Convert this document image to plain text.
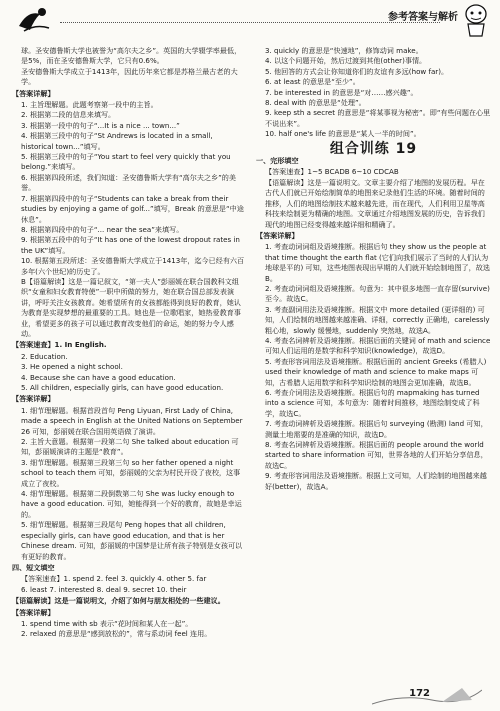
参考答案与解析

球。圣安德鲁斯大学也被誉为“高尔夫之乡”。英国的大学辍学率最低，是5%，而在圣安德鲁斯大学，它只有0.6%。

圣安德鲁斯大学成立于1413年，因此历年来它都是苏格兰最古老的大学。

【答案详解】

1. 主旨理解题。此题考察第一段中的主旨。

2. 根据第二段的信息来填写。

3. 根据第一段中的句子“...It is a nice ... town...”

4. 根据第三段中的句子“St Andrews is located in a small, historical town...”填写。

5. 根据第三段中的句子“You start to feel very quickly that you belong.”来填写。

6. 根据第四段所述，我们知道：圣安德鲁斯大学有“高尔夫之乡”的美誉。

7. 根据第四段中的句子“Students can take a break from their studies by enjoying a game of golf...”填写，Break 的意思是“中途休息”。

8. 根据第四段中的句子“... near the sea”来填写。

9. 根据第五段中的句子“It has one of the lowest dropout rates in the UK”填写。

10. 根据第五段所述：圣安德鲁斯大学成立于1413年，迄今已经有六百多年(六个世纪)的历史了。

B【语篇解读】这是一篇记叙文，“第一夫人”彭丽媛在联合国教科文组织“女童和妇女教育特使”一职中所做的努力，她在联合国总部发表演讲，呼吁关注女孩教育。她希望所有的女孩都能得到良好的教育，她认为教育是实现梦想的最重要的工具。她也是一位歌唱家，她热爱教育事业，希望更多的孩子可以通过教育改变他们的命运，她的努力令人感动。

【答案速查】1. In English.

2. Education.

3. He opened a night school.

4. Because she can have a good education.

5. All children, especially girls, can have good education.

【答案详解】

1. 细节理解题。根据首段首句 Peng Liyuan, First Lady of China, made a speech in English at the United Nations on September 26 可知，彭丽媛在联合国用英语做了演讲。

2. 主旨大意题。根据第一段第二句 She talked about education 可知，彭丽媛演讲的主题是“教育”。

3. 细节理解题。根据第三段第三句 so her father opened a night school to teach them 可知，彭丽媛的父亲为村民开设了夜校，这事成立了夜校。

4. 细节理解题。根据第二段倒数第二句 She was lucky enough to have a good education. 可知，她能得到一个好的教育，故她是幸运的。

5. 细节理解题。根据第三段尾句 Peng hopes that all children, especially girls, can have good education, and that is her Chinese dream. 可知，彭丽媛的中国梦是让所有孩子特别是女孩可以有更好的教育。

四、短文填空

【答案速查】1. spend 2. feel 3. quickly 4. other 5. far

6. least 7. interested 8. deal 9. secret 10. their

【语篇解读】这是一篇说明文，介绍了如何与朋友相处的一些建议。

【答案详解】

1. spend time with sb 表示“花时间和某人在一起”。

2. relaxed 的意思是“感到放松的”，常与系动词 feel 连用。

3. quickly 的意思是“快速地”，修饰动词 make。

4. 以这个问题开始，然后过渡到其他(other)事情。

5. 他回答的方式会让你知道你们的友谊有多远(how far)。

6. at least 的意思是“至少”。

7. be interested in 的意思是“对……感兴趣”。

8. deal with 的意思是“处理”。

9. keep sth a secret 的意思是“将某事视为秘密”。即“有些问题在心里不说出来”。

10. half one's life 的意思是“某人一半的时间”。

组合训练 19

一、完形填空

【答案速查】1~5 BCADB 6~10 CDCAB

【语篇解读】这是一篇说明文。文章主要介绍了地图的发展历程。早在古代人们就已开始绘制简单的地图来记录他们生活的环境。随着时间的推移，人们的地图绘制技术越来越先进，而在现代，人们利用卫星等高科技来绘制更为精确的地图。文章通过介绍地图发展的历史，告诉我们现代的地图已经变得越来越详细和精确了。

【答案详解】

1. 考查动词词组及语境推断。根据后句 they show us the people at that time thought the earth flat (它们向我们展示了当时的人们认为地球是平的) 可知，这些地图表现出早期的人们就开始绘制地图了，故选B。

2. 考查动词词组及语境推断。句意为：其中很多地图一直存留(survive)至今。故选C。

3. 考查副词用法及语境推断。根据文中 more detailed (更详细的) 可知，人们绘制的地图越来越准确、详细，correctly 正确地，carelessly 粗心地，slowly 缓慢地，suddenly 突然地，故选A。

4. 考查名词辨析及语境推断。根据后面的关键词 of math and science 可知人们运用的是数学和科学知识(knowledge)，故选D。

5. 考查形容词用法及语境推断。根据后面的 ancient Greeks (希腊人) used their knowledge of math and science to make maps 可知，古希腊人运用数学和科学知识绘制的地图会更加准确，故选B。

6. 考查介词用法及语境推断。根据后句的 mapmaking has turned into a science 可知，本句意为：随着时间推移，地图绘制变成了科学，故选C。

7. 考查动词辨析及语境推断。根据后句 surveying (勘测) land 可知，测量土地需要的是准确的知识，故选D。

8. 考查名词辨析及语境推断。根据后面的 people around the world started to share information 可知，世界各地的人们开始分享信息，故选C。

9. 考查形容词用法及语境推断。根据上文可知，人们绘制的地图越来越好(better)，故选A。

172
